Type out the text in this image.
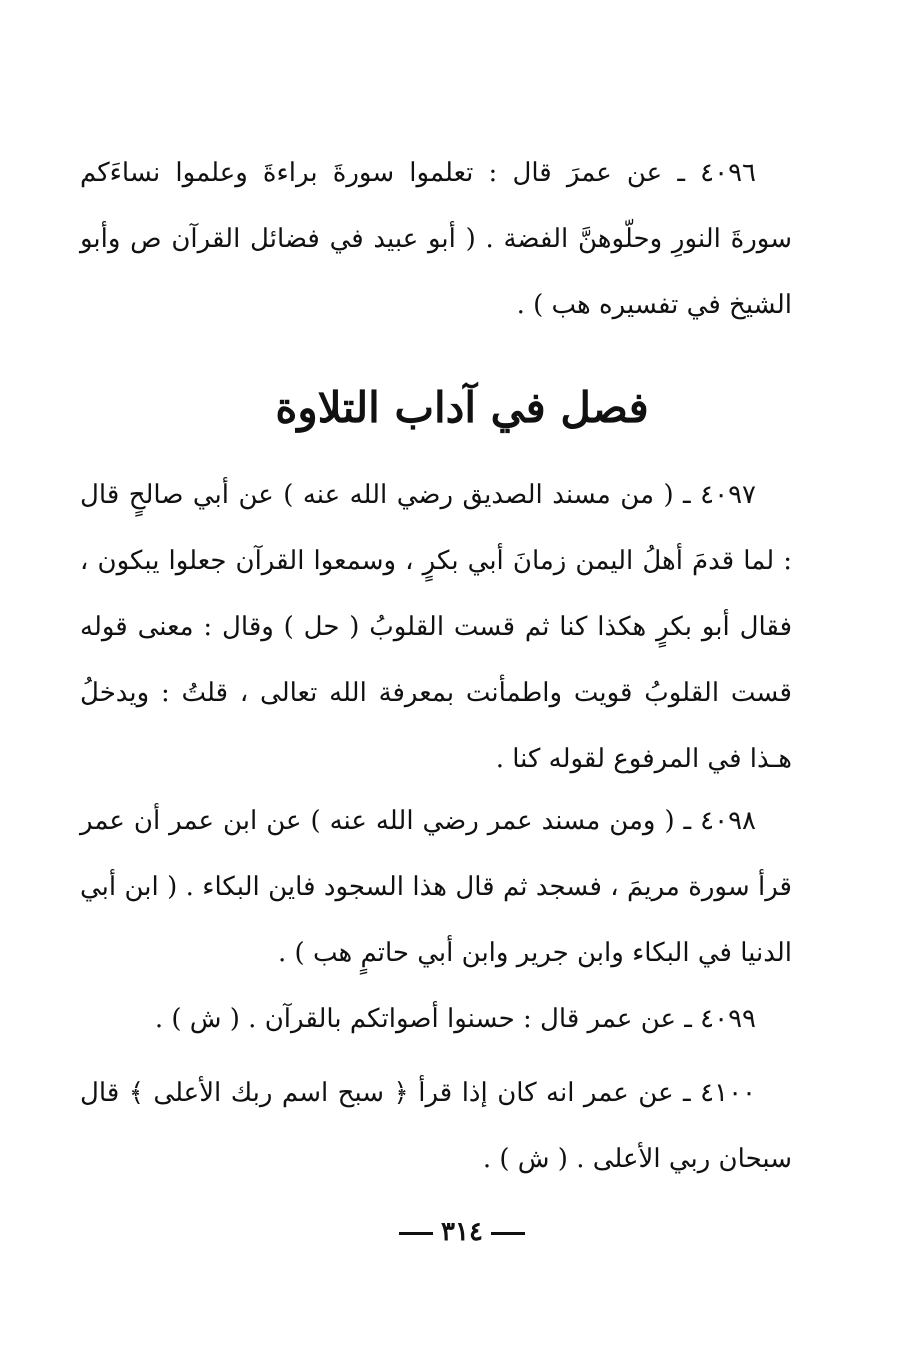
٤٠٩٦ ـ عن عمرَ قال : تعلموا سورةَ براءةَ وعلموا نساءَكم سورةَ النورِ وحلّوهنَّ الفضة . ( أبو عبيد في فضائل القرآن ص وأبو الشيخ في تفسيره هب ) .

فصل في آداب التلاوة

٤٠٩٧ ـ ( من مسند الصديق رضي الله عنه ) عن أبي صالحٍ قال : لما قدمَ أهلُ اليمن زمانَ أبي بكرٍ ، وسمعوا القرآن جعلوا يبكون ، فقال أبو بكرٍ هكذا كنا ثم قست القلوبُ ( حل ) وقال : معنى قوله قست القلوبُ قويت واطمأنت بمعرفة الله تعالى ، قلتُ : ويدخلُ هـذا في المرفوع لقوله كنا .

٤٠٩٨ ـ ( ومن مسند عمر رضي الله عنه ) عن ابن عمر أن عمر قرأ سورة مريمَ ، فسجد ثم قال هذا السجود فاين البكاء . ( ابن أبي الدنيا في البكاء وابن جرير وابن أبي حاتمٍ هب ) .

٤٠٩٩ ـ عن عمر قال : حسنوا أصواتكم بالقرآن . ( ش ) .

٤١٠٠ ـ عن عمر انه كان إذا قرأ ﴿ سبح اسم ربك الأعلى ﴾ قال سبحان ربي الأعلى . ( ش ) .

٣١٤
